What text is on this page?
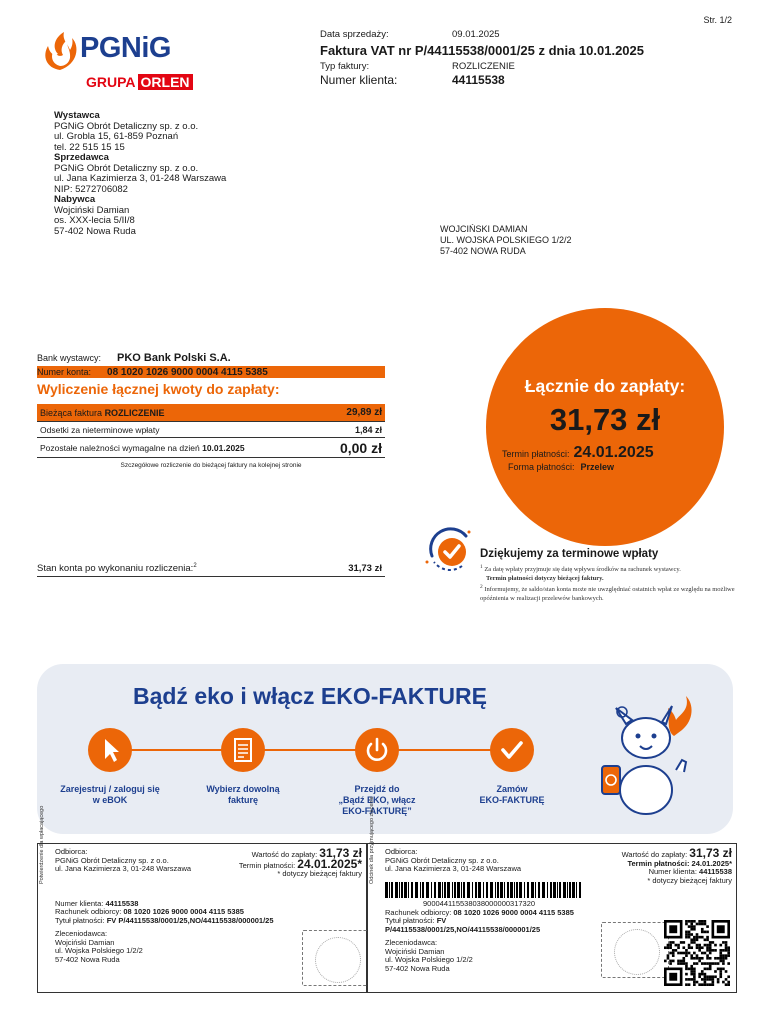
Str. 1/2
PGNiG
GRUPA ORLEN
Data sprzedaży:	09.01.2025
Faktura VAT nr P/44115538/0001/25 z dnia 10.01.2025
Typ faktury:	ROZLICZENIE
Numer klienta:	44115538
Wystawca
PGNiG Obrót Detaliczny sp. z o.o.
ul. Grobla 15, 61-859 Poznań
tel. 22 515 15 15
Sprzedawca
PGNiG Obrót Detaliczny sp. z o.o.
ul. Jana Kazimierza 3, 01-248 Warszawa
NIP: 5272706082
Nabywca
Wojciński Damian
os. XXX-lecia 5/II/8
57-402 Nowa Ruda	WOJCIŃSKI DAMIAN
UL. WOJSKA POLSKIEGO 1/2/2
57-402 NOWA RUDA
Bank wystawcy: PKO Bank Polski S.A.
Numer konta: 08 1020 1026 9000 0004 4115 5385
Wyliczenie łącznej kwoty do zapłaty:
Bieżąca faktura ROZLICZENIE	29,89 zł
Odsetki za nieterminowe wpłaty	1,84 zł
Pozostałe należności wymagalne na dzień 10.01.2025	0,00 zł
Szczegółowe rozliczenie do bieżącej faktury na kolejnej stronie
Stan konta po wykonaniu rozliczenia:$^2$	31,73 zł
Łącznie do zapłaty:
31,73 zł
Termin płatności: 24.01.2025
Forma płatności: Przelew
Dziękujemy za terminowe wpłaty
$^1$ Za datę wpłaty przyjmuje się datę wpływu środków na rachunek wystawcy.
Termin płatności dotyczy bieżącej faktury.
$^2$ Informujemy, że saldo/stan konta może nie uwzględniać ostatnich wpłat ze względu na możliwe opóźnienia w realizacji przelewów bankowych.
Bądź eko i włącz EKO-FAKTURĘ
Zarejestruj / zaloguj się
w eBOK
Wybierz dowolną
fakturę
Przejdź do
„Bądź EKO, włącz
EKO-FAKTURĘ”
Zamów
EKO-FAKTURĘ
Potwierdzenie dla wpłacającego Odbiorca:
PGNiG Obrót Detaliczny sp. z o.o.
ul. Jana Kazimierza 3, 01-248 Warszawa
Numer klienta: 44115538
Rachunek odbiorcy: 08 1020 1026 9000 0004 4115 5385
Tytuł płatności: FV P/44115538/0001/25,NO/44115538/000001/25
Zleceniodawca:
Wojciński Damian
ul. Wojska Polskiego 1/2/2
57-402 Nowa Ruda
Wartość do zapłaty: 31,73 zł
Termin płatności: 24.01.2025*
* dotyczy bieżącej faktury Odcinek dla przyjmującego zlecenie Odbiorca:
PGNiG Obrót Detaliczny sp. z o.o.
ul. Jana Kazimierza 3, 01-248 Warszawa
900044115538038000000317320
Rachunek odbiorcy: 08 1020 1026 9000 0004 4115 5385
Tytuł płatności: FV
P/44115538/0001/25,NO/44115538/000001/25
Zleceniodawca:
Wojciński Damian
ul. Wojska Polskiego 1/2/2
57-402 Nowa Ruda
Wartość do zapłaty: 31,73 zł
Termin płatności: 24.01.2025*
Numer klienta: 44115538
* dotyczy bieżącej faktury
